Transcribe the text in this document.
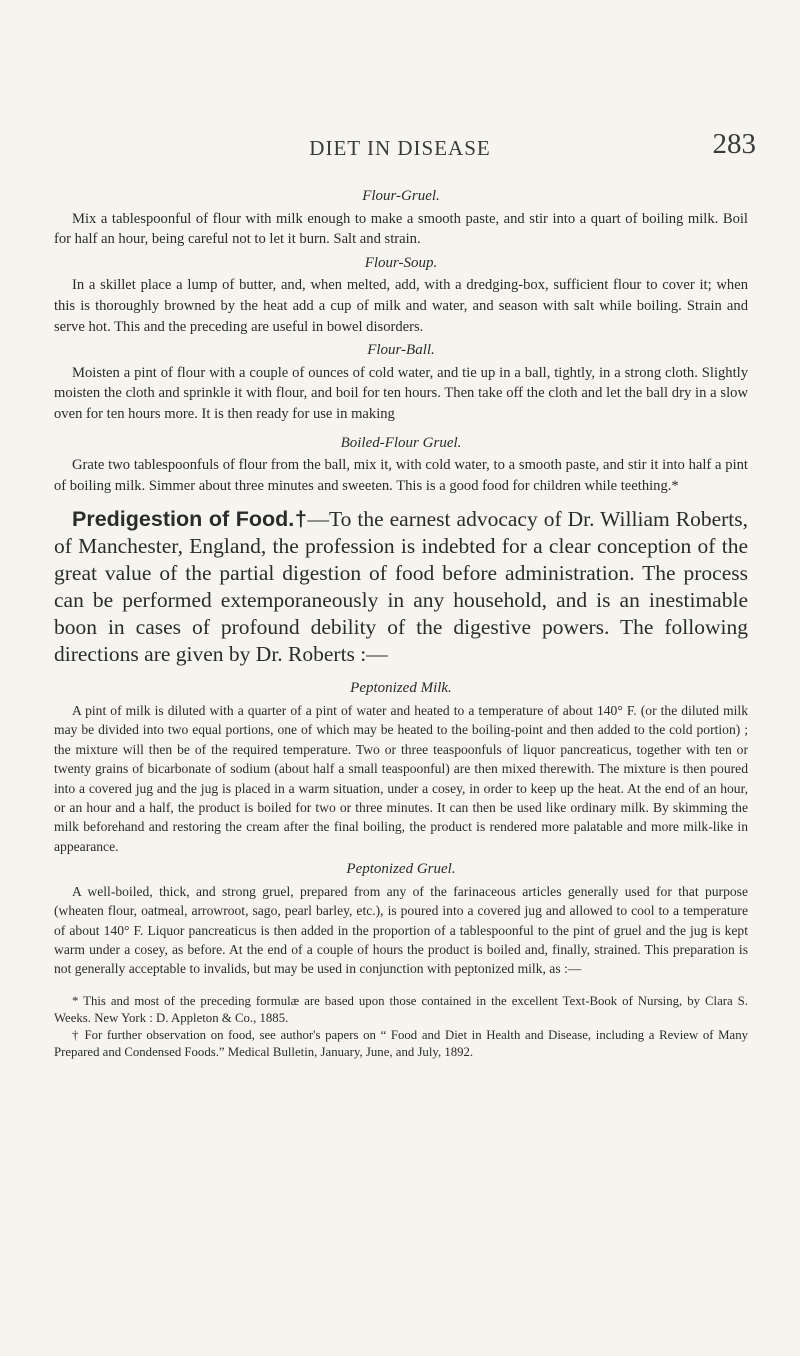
DIET IN DISEASE	283
Flour-Gruel.

Mix a tablespoonful of flour with milk enough to make a smooth paste, and stir into a quart of boiling milk. Boil for half an hour, being careful not to let it burn. Salt and strain.

Flour-Soup.

In a skillet place a lump of butter, and, when melted, add, with a dredging-box, sufficient flour to cover it; when this is thoroughly browned by the heat add a cup of milk and water, and season with salt while boiling. Strain and serve hot. This and the preceding are useful in bowel disorders.

Flour-Ball.

Moisten a pint of flour with a couple of ounces of cold water, and tie up in a ball, tightly, in a strong cloth. Slightly moisten the cloth and sprinkle it with flour, and boil for ten hours. Then take off the cloth and let the ball dry in a slow oven for ten hours more. It is then ready for use in making

Boiled-Flour Gruel.

Grate two tablespoonfuls of flour from the ball, mix it, with cold water, to a smooth paste, and stir it into half a pint of boiling milk. Simmer about three minutes and sweeten. This is a good food for children while teething.*

Predigestion of Food.†—To the earnest advocacy of Dr. William Roberts, of Manchester, England, the profession is indebted for a clear conception of the great value of the partial digestion of food before administration. The process can be performed extemporaneously in any household, and is an inestimable boon in cases of profound debility of the digestive powers. The following directions are given by Dr. Roberts :—

Peptonized Milk.

A pint of milk is diluted with a quarter of a pint of water and heated to a temperature of about 140° F. (or the diluted milk may be divided into two equal portions, one of which may be heated to the boiling-point and then added to the cold portion) ; the mixture will then be of the required temperature. Two or three teaspoonfuls of liquor pancreaticus, together with ten or twenty grains of bicarbonate of sodium (about half a small teaspoonful) are then mixed therewith. The mixture is then poured into a covered jug and the jug is placed in a warm situation, under a cosey, in order to keep up the heat. At the end of an hour, or an hour and a half, the product is boiled for two or three minutes. It can then be used like ordinary milk. By skimming the milk beforehand and restoring the cream after the final boiling, the product is rendered more palatable and more milk-like in appearance.

Peptonized Gruel.

A well-boiled, thick, and strong gruel, prepared from any of the farinaceous articles generally used for that purpose (wheaten flour, oatmeal, arrowroot, sago, pearl barley, etc.), is poured into a covered jug and allowed to cool to a temperature of about 140° F. Liquor pancreaticus is then added in the proportion of a tablespoonful to the pint of gruel and the jug is kept warm under a cosey, as before. At the end of a couple of hours the product is boiled and, finally, strained. This preparation is not generally acceptable to invalids, but may be used in conjunction with peptonized milk, as :—

* This and most of the preceding formulæ are based upon those contained in the excellent Text-Book of Nursing, by Clara S. Weeks. New York : D. Appleton & Co., 1885.

† For further observation on food, see author's papers on “ Food and Diet in Health and Disease, including a Review of Many Prepared and Condensed Foods.” Medical Bulletin, January, June, and July, 1892.
